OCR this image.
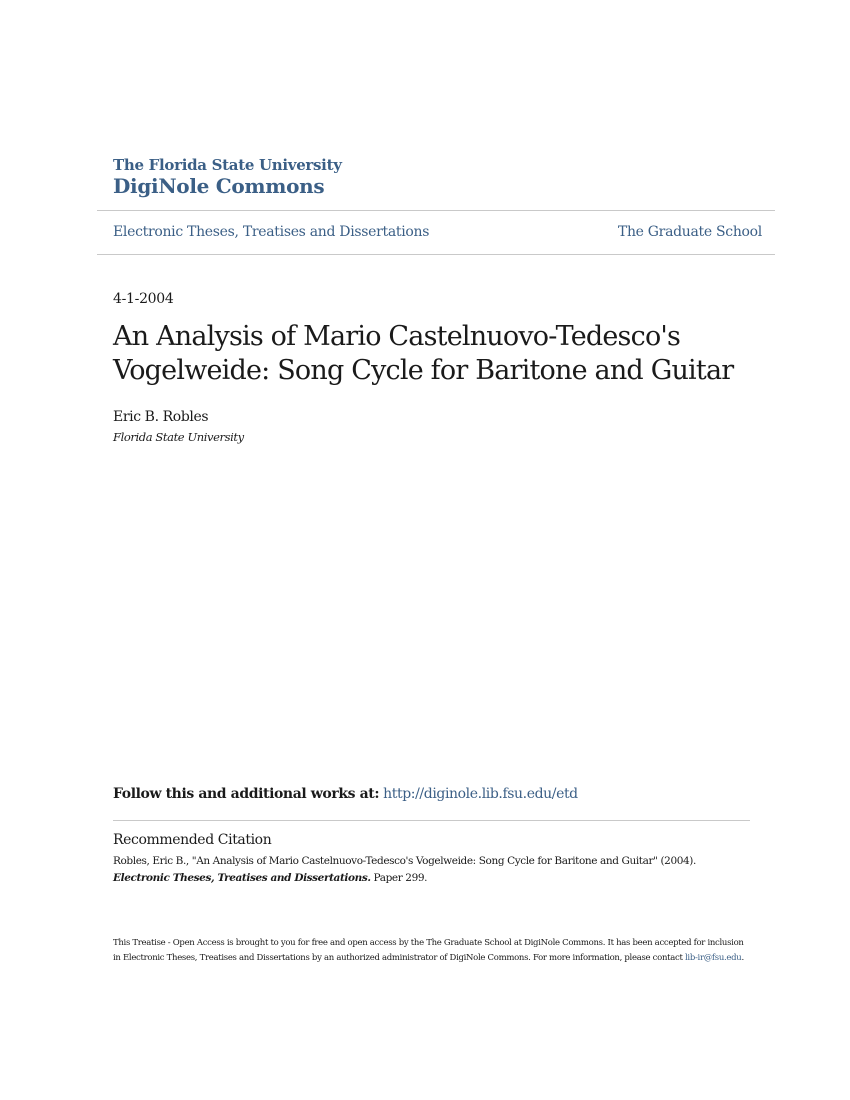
The Florida State University
DigiNole Commons
Electronic Theses, Treatises and Dissertations	The Graduate School
4-1-2004
An Analysis of Mario Castelnuovo-Tedesco's Vogelweide: Song Cycle for Baritone and Guitar
Eric B. Robles
Florida State University
Follow this and additional works at: http://diginole.lib.fsu.edu/etd
Recommended Citation
Robles, Eric B., "An Analysis of Mario Castelnuovo-Tedesco's Vogelweide: Song Cycle for Baritone and Guitar" (2004). Electronic Theses, Treatises and Dissertations. Paper 299.
This Treatise - Open Access is brought to you for free and open access by the The Graduate School at DigiNole Commons. It has been accepted for inclusion in Electronic Theses, Treatises and Dissertations by an authorized administrator of DigiNole Commons. For more information, please contact lib-ir@fsu.edu.
